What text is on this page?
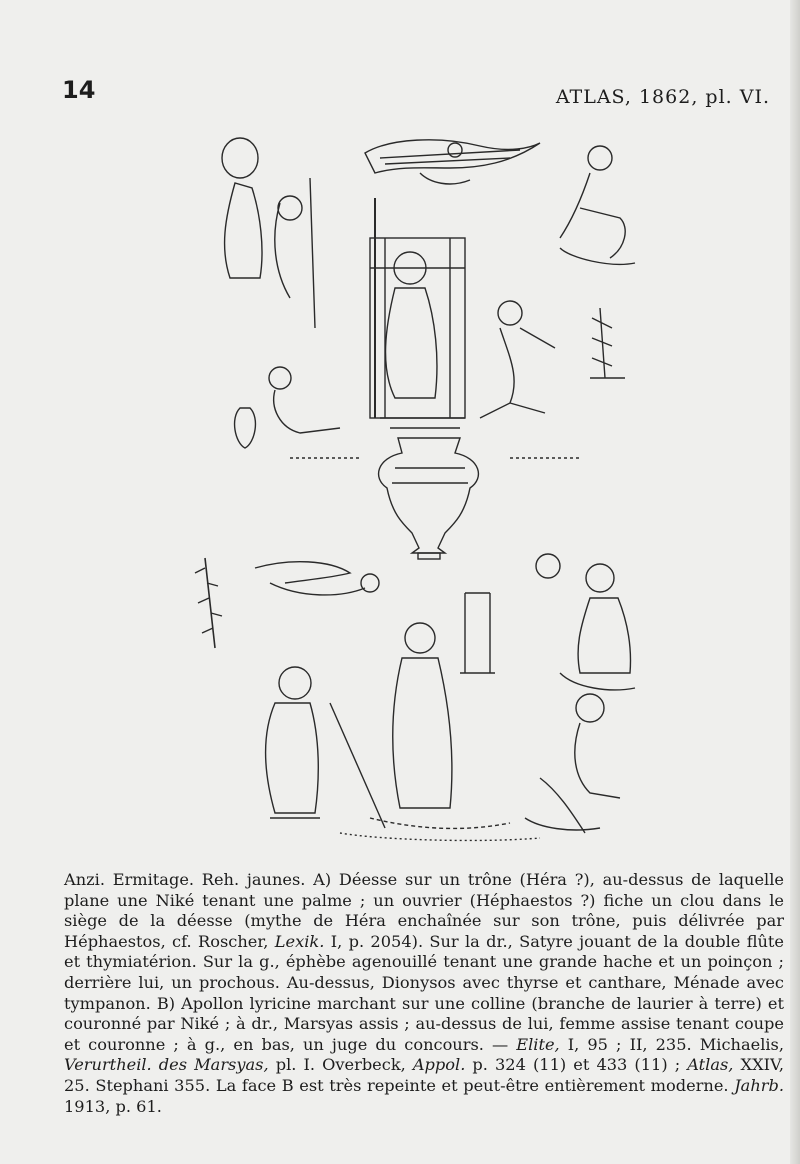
14	ATLAS, 1862, pl. VI.
Anzi. Ermitage. Reh. jaunes. A) Déesse sur un trône (Héra ?), au-dessus de laquelle plane une Niké tenant une palme ; un ouvrier (Héphaestos ?) fiche un clou dans le siège de la déesse (mythe de Héra enchaînée sur son trône, puis délivrée par Héphaestos, cf. Roscher, Lexik. I, p. 2054). Sur la dr., Satyre jouant de la double flûte et thymiatérion. Sur la g., éphèbe agenouillé tenant une grande hache et un poinçon ; derrière lui, un prochous. Au-dessus, Dionysos avec thyrse et canthare, Ménade avec tympanon. B) Apollon lyricine marchant sur une colline (branche de laurier à terre) et couronné par Niké ; à dr., Marsyas assis ; au-dessus de lui, femme assise tenant coupe et couronne ; à g., en bas, un juge du concours. — Elite, I, 95 ; II, 235. Michaelis, Verurtheil. des Marsyas, pl. I. Overbeck, Appol. p. 324 (11) et 433 (11) ; Atlas, XXIV, 25. Stephani 355. La face B est très repeinte et peut-être entièrement moderne. Jahrb. 1913, p. 61.
